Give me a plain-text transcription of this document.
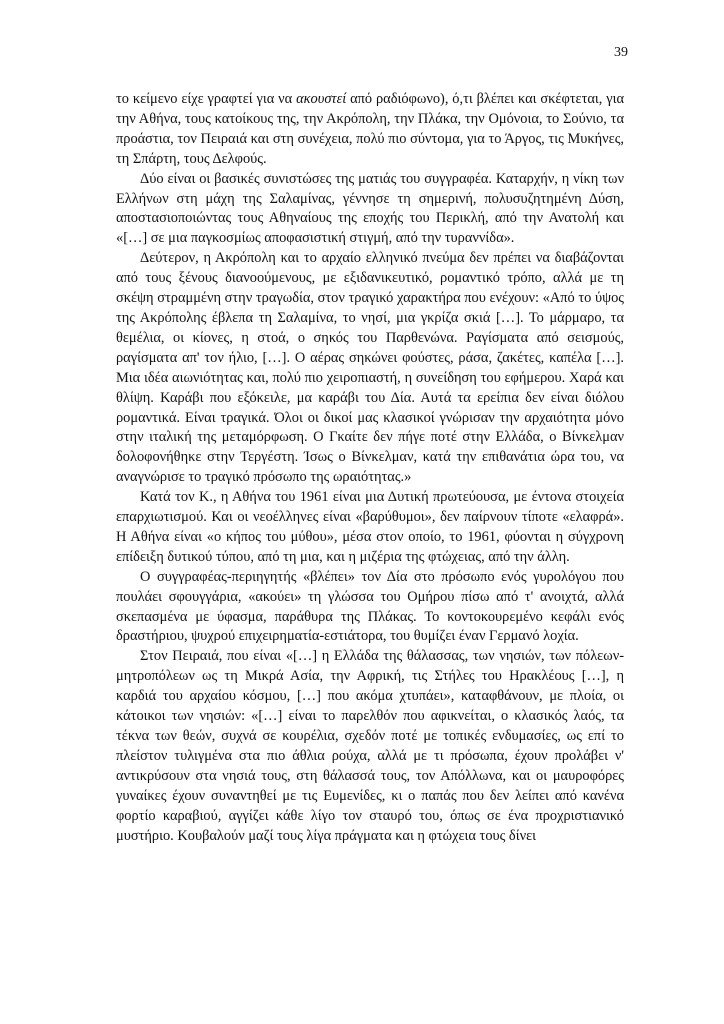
39

το κείμενο είχε γραφτεί για να ακουστεί από ραδιόφωνο), ό,τι βλέπει και σκέφτεται, για την Αθήνα, τους κατοίκους της, την Ακρόπολη, την Πλάκα, την Ομόνοια, το Σούνιο, τα προάστια, τον Πειραιά και στη συνέχεια, πολύ πιο σύντομα, για το Άργος, τις Μυκήνες, τη Σπάρτη, τους Δελφούς.

Δύο είναι οι βασικές συνιστώσες της ματιάς του συγγραφέα. Καταρχήν, η νίκη των Ελλήνων στη μάχη της Σαλαμίνας, γέννησε τη σημερινή, πολυσυζητημένη Δύση, αποστασιοποιώντας τους Αθηναίους της εποχής του Περικλή, από την Ανατολή και «[…] σε μια παγκοσμίως αποφασιστική στιγμή, από την τυραννίδα».

Δεύτερον, η Ακρόπολη και το αρχαίο ελληνικό πνεύμα δεν πρέπει να διαβάζονται από τους ξένους διανοούμενους, με εξιδανικευτικό, ρομαντικό τρόπο, αλλά με τη σκέψη στραμμένη στην τραγωδία, στον τραγικό χαρακτήρα που ενέχουν: «Από το ύψος της Ακρόπολης έβλεπα τη Σαλαμίνα, το νησί, μια γκρίζα σκιά […]. Το μάρμαρο, τα θεμέλια, οι κίονες, η στοά, ο σηκός του Παρθενώνα. Ραγίσματα από σεισμούς, ραγίσματα απ' τον ήλιο, […]. Ο αέρας σηκώνει φούστες, ράσα, ζακέτες, καπέλα […]. Μια ιδέα αιωνιότητας και, πολύ πιο χειροπιαστή, η συνείδηση του εφήμερου. Χαρά και θλίψη. Καράβι που εξόκειλε, μα καράβι του Δία. Αυτά τα ερείπια δεν είναι διόλου ρομαντικά. Είναι τραγικά. Όλοι οι δικοί μας κλασικοί γνώρισαν την αρχαιότητα μόνο στην ιταλική της μεταμόρφωση. Ο Γκαίτε δεν πήγε ποτέ στην Ελλάδα, ο Βίνκελμαν δολοφονήθηκε στην Τεργέστη. Ίσως ο Βίνκελμαν, κατά την επιθανάτια ώρα του, να αναγνώρισε το τραγικό πρόσωπο της ωραιότητας.»

Κατά τον Κ., η Αθήνα του 1961 είναι μια Δυτική πρωτεύουσα, με έντονα στοιχεία επαρχιωτισμού. Και οι νεοέλληνες είναι «βαρύθυμοι», δεν παίρνουν τίποτε «ελαφρά». Η Αθήνα είναι «ο κήπος του μύθου», μέσα στον οποίο, το 1961, φύονται η σύγχρονη επίδειξη δυτικού τύπου, από τη μια, και η μιζέρια της φτώχειας, από την άλλη.

Ο συγγραφέας-περιηγητής «βλέπει» τον Δία στο πρόσωπο ενός γυρολόγου που πουλάει σφουγγάρια, «ακούει» τη γλώσσα του Ομήρου πίσω από τ' ανοιχτά, αλλά σκεπασμένα με ύφασμα, παράθυρα της Πλάκας. Το κοντοκουρεμένο κεφάλι ενός δραστήριου, ψυχρού επιχειρηματία-εστιάτορα, του θυμίζει έναν Γερμανό λοχία.

Στον Πειραιά, που είναι «[…] η Ελλάδα της θάλασσας, των νησιών, των πόλεων-μητροπόλεων ως τη Μικρά Ασία, την Αφρική, τις Στήλες του Ηρακλέους […], η καρδιά του αρχαίου κόσμου, […] που ακόμα χτυπάει», καταφθάνουν, με πλοία, οι κάτοικοι των νησιών: «[…] είναι το παρελθόν που αφικνείται, ο κλασικός λαός, τα τέκνα των θεών, συχνά σε κουρέλια, σχεδόν ποτέ με τοπικές ενδυμασίες, ως επί το πλείστον τυλιγμένα στα πιο άθλια ρούχα, αλλά με τι πρόσωπα, έχουν προλάβει ν' αντικρύσουν στα νησιά τους, στη θάλασσά τους, τον Απόλλωνα, και οι μαυροφόρες γυναίκες έχουν συναντηθεί με τις Ευμενίδες, κι ο παπάς που δεν λείπει από κανένα φορτίο καραβιού, αγγίζει κάθε λίγο τον σταυρό του, όπως σε ένα προχριστιανικό μυστήριο. Κουβαλούν μαζί τους λίγα πράγματα και η φτώχεια τους δίνει
